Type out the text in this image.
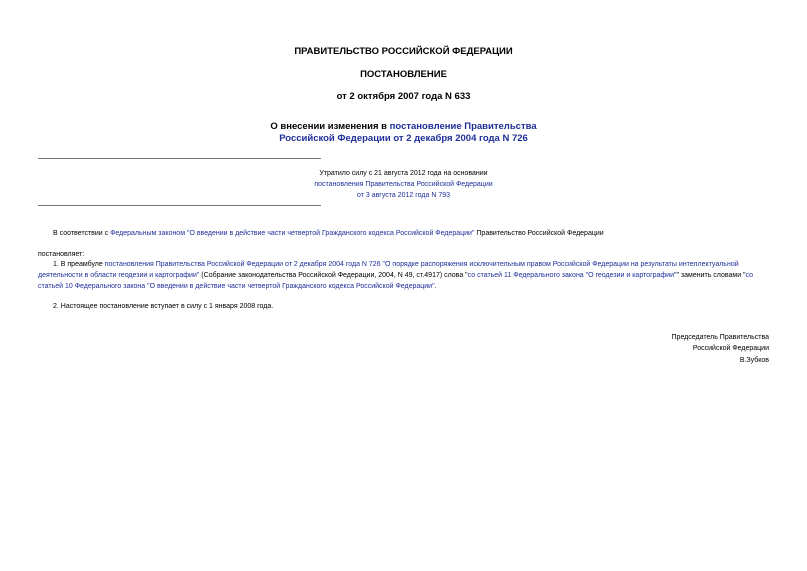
ПРАВИТЕЛЬСТВО РОССИЙСКОЙ ФЕДЕРАЦИИ
ПОСТАНОВЛЕНИЕ
от 2 октября 2007 года N 633
О внесении изменения в постановление Правительства
Российской Федерации от 2 декабря 2004 года N 726
Утратило силу с 21 августа 2012 года на основании
постановления Правительства Российской Федерации
от 3 августа 2012 года N 793
В соответствии с Федеральным законом "О введении в действие части четвертой Гражданского кодекса Российской Федерации" Правительство Российской Федерации
постановляет:
1. В преамбуле постановления Правительства Российской Федерации от 2 декабря 2004 года N 726 "О порядке распоряжения исключительным правом Российской Федерации на результаты интеллектуальной деятельности в области геодезии и картографии" (Собрание законодательства Российской Федерации, 2004, N 49, ст.4917) слова "со статьей 11 Федерального закона "О геодезии и картографии"" заменить словами "со статьей 10 Федерального закона "О введении в действие части четвертой Гражданского кодекса Российской Федерации".
2. Настоящее постановление вступает в силу с 1 января 2008 года.
Председатель Правительства
Российской Федерации
В.Зубков
